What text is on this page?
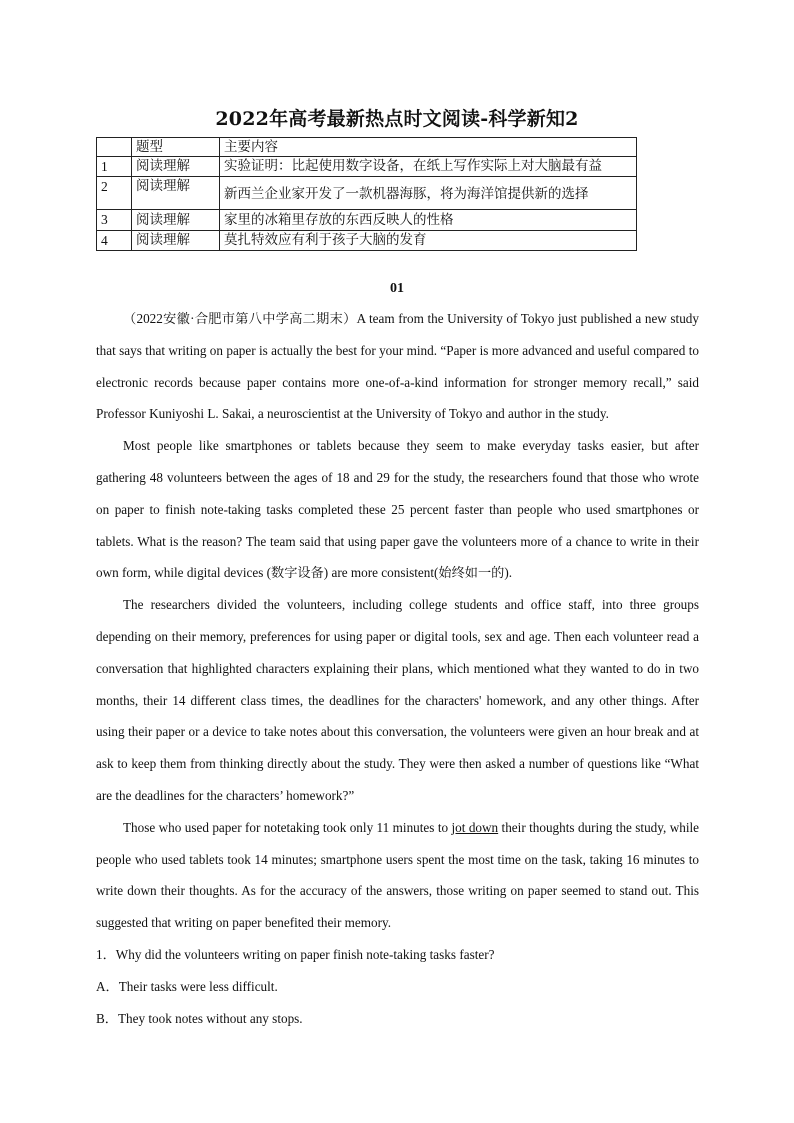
2022年高考最新热点时文阅读-科学新知2
	题型	主要内容
1	阅读理解	实验证明：比起使用数字设备，在纸上写作实际上对大脑最有益
2	阅读理解	新西兰企业家开发了一款机器海豚，将为海洋馆提供新的选择
3	阅读理解	家里的冰箱里存放的东西反映人的性格
4	阅读理解	莫扎特效应有利于孩子大脑的发育
01

（2022安徽·合肥市第八中学高二期末）A team from the University of Tokyo just published a new study that says that writing on paper is actually the best for your mind. “Paper is more advanced and useful compared to electronic records because paper contains more one-of-a-kind information for stronger memory recall,” said Professor Kuniyoshi L. Sakai, a neuroscientist at the University of Tokyo and author in the study.

Most people like smartphones or tablets because they seem to make everyday tasks easier, but after gathering 48 volunteers between the ages of 18 and 29 for the study, the researchers found that those who wrote on paper to finish note-taking tasks completed these 25 percent faster than people who used smartphones or tablets. What is the reason? The team said that using paper gave the volunteers more of a chance to write in their own form, while digital devices (数字设备) are more consistent(始终如一的).

The researchers divided the volunteers, including college students and office staff, into three groups depending on their memory, preferences for using paper or digital tools, sex and age. Then each volunteer read a conversation that highlighted characters explaining their plans, which mentioned what they wanted to do in two months, their 14 different class times, the deadlines for the characters' homework, and any other things. After using their paper or a device to take notes about this conversation, the volunteers were given an hour break and at ask to keep them from thinking directly about the study. They were then asked a number of questions like “What are the deadlines for the characters’ homework?”

Those who used paper for notetaking took only 11 minutes to jot down their thoughts during the study, while people who used tablets took 14 minutes; smartphone users spent the most time on the task, taking 16 minutes to write down their thoughts. As for the accuracy of the answers, those writing on paper seemed to stand out. This suggested that writing on paper benefited their memory.

1．Why did the volunteers writing on paper finish note-taking tasks faster?

A．Their tasks were less difficult.

B．They took notes without any stops.
